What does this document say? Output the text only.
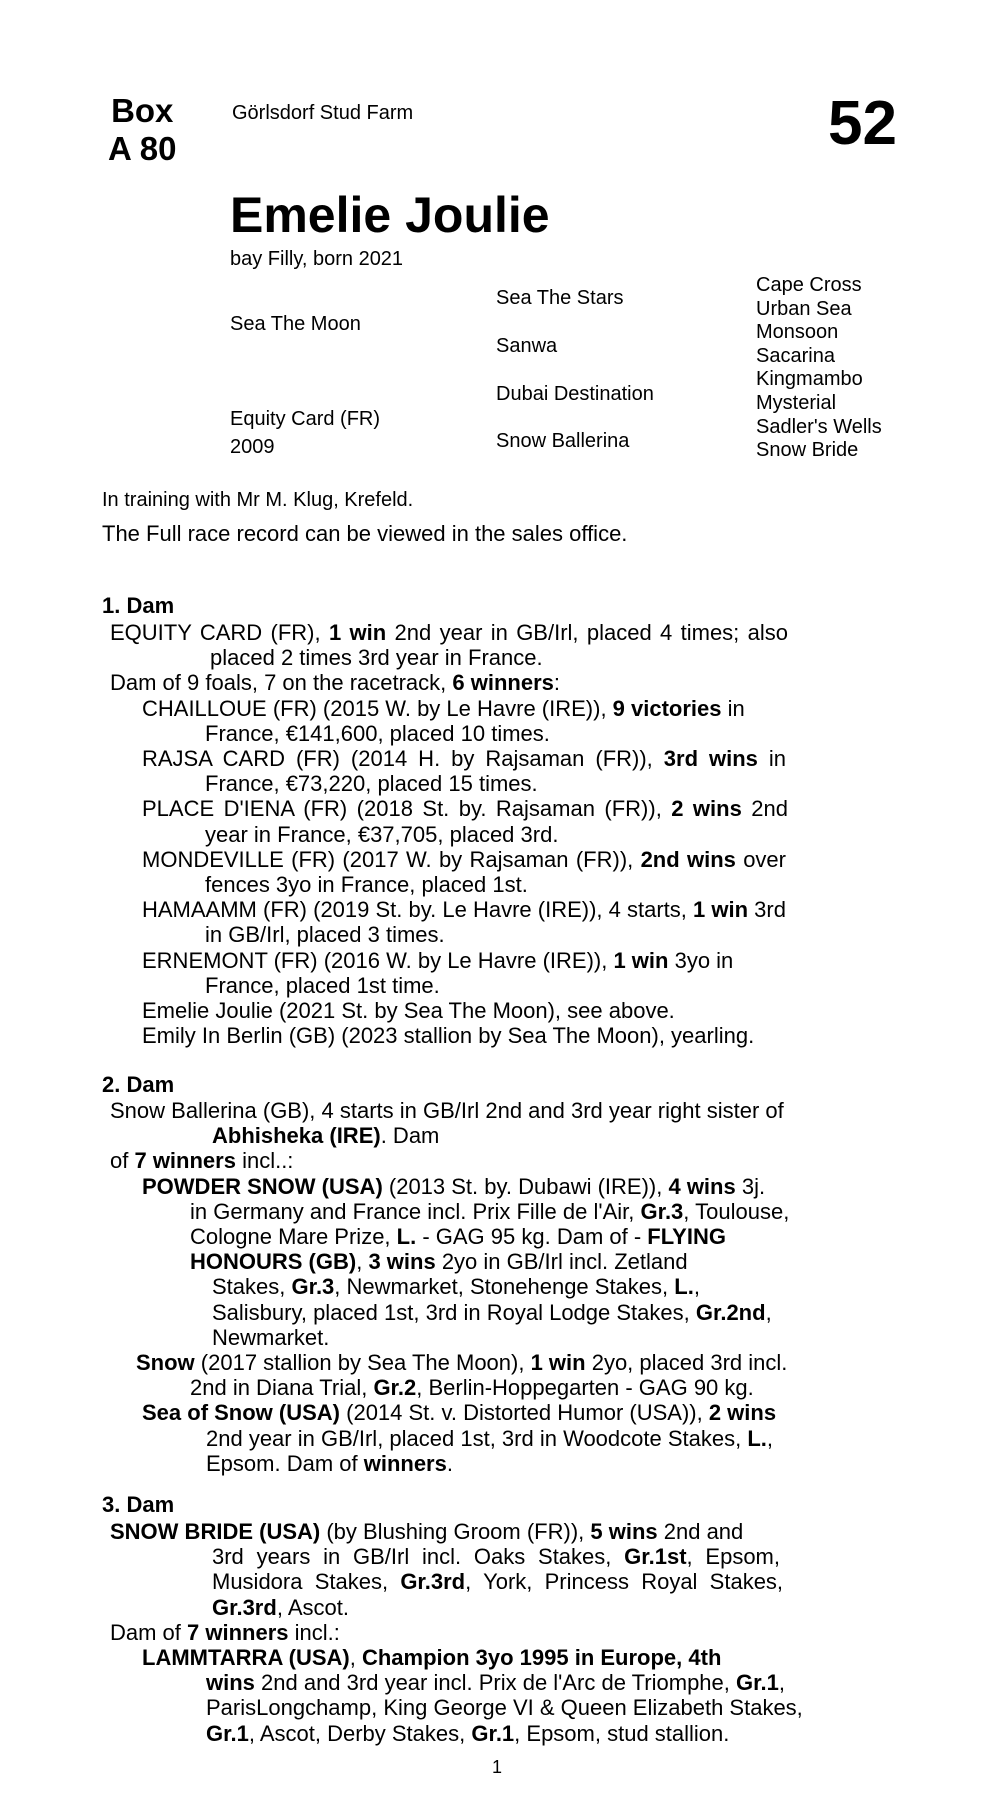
Box
A 80
Görlsdorf Stud Farm	52
Emelie Joulie
bay Filly, born 2021
Sea The Moon
Equity Card (FR)
2009
Sea The Stars
Sanwa
Dubai Destination
Snow Ballerina
Cape Cross
Urban Sea
Monsoon
Sacarina
Kingmambo
Mysterial
Sadler's Wells
Snow Bride
In training with Mr M. Klug, Krefeld.
The Full race record can be viewed in the sales office.
1. Dam
EQUITY CARD (FR), 1 win 2nd year in GB/Irl, placed 4 times; also
placed 2 times 3rd year in France.
Dam of 9 foals, 7 on the racetrack, 6 winners:
CHAILLOUE (FR) (2015 W. by Le Havre (IRE)), 9 victories in
France, €141,600, placed 10 times.
RAJSA CARD (FR) (2014 H. by Rajsaman (FR)), 3rd wins in
France, €73,220, placed 15 times.
PLACE D'IENA (FR) (2018 St. by. Rajsaman (FR)), 2 wins 2nd
year in France, €37,705, placed 3rd.
MONDEVILLE (FR) (2017 W. by Rajsaman (FR)), 2nd wins over
fences 3yo in France, placed 1st.
HAMAAMM (FR) (2019 St. by. Le Havre (IRE)), 4 starts, 1 win 3rd
in GB/Irl, placed 3 times.
ERNEMONT (FR) (2016 W. by Le Havre (IRE)), 1 win 3yo in
France, placed 1st time.
Emelie Joulie (2021 St. by Sea The Moon), see above.
Emily In Berlin (GB) (2023 stallion by Sea The Moon), yearling.
2. Dam
Snow Ballerina (GB), 4 starts in GB/Irl 2nd and 3rd year right sister of
Abhisheka (IRE). Dam
of 7 winners incl..:
POWDER SNOW (USA) (2013 St. by. Dubawi (IRE)), 4 wins 3j.
in Germany and France incl. Prix Fille de l'Air, Gr.3, Toulouse,
Cologne Mare Prize, L. - GAG 95 kg. Dam of - FLYING
HONOURS (GB), 3 wins 2yo in GB/Irl incl. Zetland
Stakes, Gr.3, Newmarket, Stonehenge Stakes, L.,
Salisbury, placed 1st, 3rd in Royal Lodge Stakes, Gr.2nd,
Newmarket.
Snow (2017 stallion by Sea The Moon), 1 win 2yo, placed 3rd incl.
2nd in Diana Trial, Gr.2, Berlin-Hoppegarten - GAG 90 kg.
Sea of Snow (USA) (2014 St. v. Distorted Humor (USA)), 2 wins
2nd year in GB/Irl, placed 1st, 3rd in Woodcote Stakes, L.,
Epsom. Dam of winners.
3. Dam
SNOW BRIDE (USA) (by Blushing Groom (FR)), 5 wins 2nd and
3rd  years  in  GB/Irl  incl.  Oaks  Stakes,  Gr.1st,  Epsom,
Musidora  Stakes,  Gr.3rd,  York,  Princess  Royal  Stakes,
Gr.3rd, Ascot.
Dam of 7 winners incl.:
LAMMTARRA (USA), Champion 3yo 1995 in Europe, 4th
wins 2nd and 3rd year incl. Prix de l'Arc de Triomphe, Gr.1,
ParisLongchamp, King George VI & Queen Elizabeth Stakes,
Gr.1, Ascot, Derby Stakes, Gr.1, Epsom, stud stallion.
1
